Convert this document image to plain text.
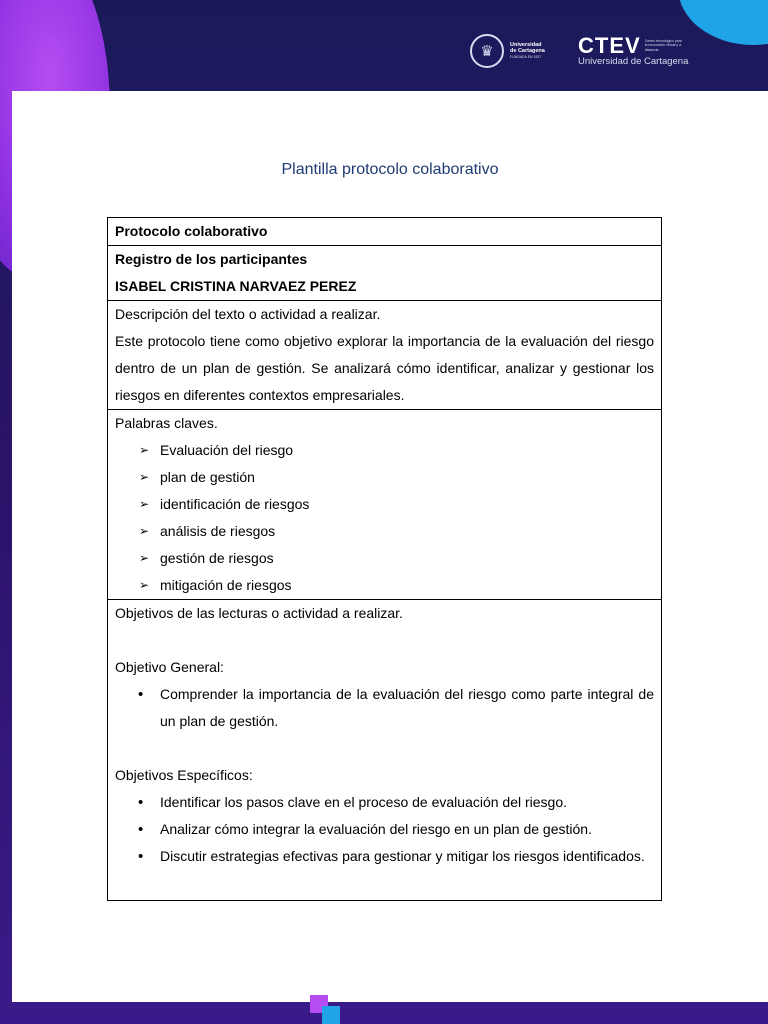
♛	Universidad
de Cartagena
FUNDADA EN 1827	CTEV Centro tecnológico para la innovación virtual y a distancia
Universidad de Cartagena
Plantilla protocolo colaborativo
Protocolo colaborativo

Registro de los participantes
ISABEL CRISTINA NARVAEZ PEREZ

Descripción del texto o actividad a realizar.
Este protocolo tiene como objetivo explorar la importancia de la evaluación del riesgo dentro de un plan de gestión. Se analizará cómo identificar, analizar y gestionar los riesgos en diferentes contextos empresariales.

Palabras claves.
➢ Evaluación del riesgo
➢ plan de gestión
➢ identificación de riesgos
➢ análisis de riesgos
➢ gestión de riesgos
➢ mitigación de riesgos

Objetivos de las lecturas o actividad a realizar.
Objetivo General:
• Comprender la importancia de la evaluación del riesgo como parte integral de un plan de gestión.
Objetivos Específicos:
• Identificar los pasos clave en el proceso de evaluación del riesgo.
• Analizar cómo integrar la evaluación del riesgo en un plan de gestión.
• Discutir estrategias efectivas para gestionar y mitigar los riesgos identificados.
